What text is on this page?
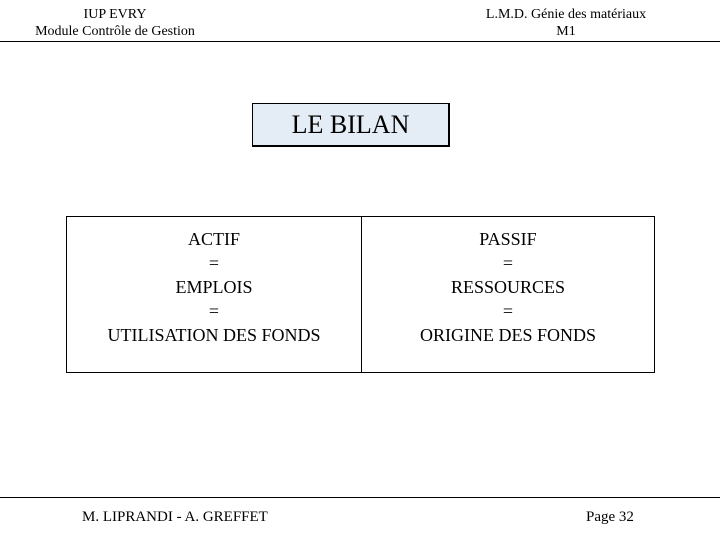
IUP EVRY
Module Contrôle de Gestion
L.M.D. Génie des matériaux
M1
LE BILAN
ACTIF
=
EMPLOIS
=
UTILISATION DES FONDS
PASSIF
=
RESSOURCES
=
ORIGINE DES FONDS
M. LIPRANDI - A. GREFFET	Page 32
